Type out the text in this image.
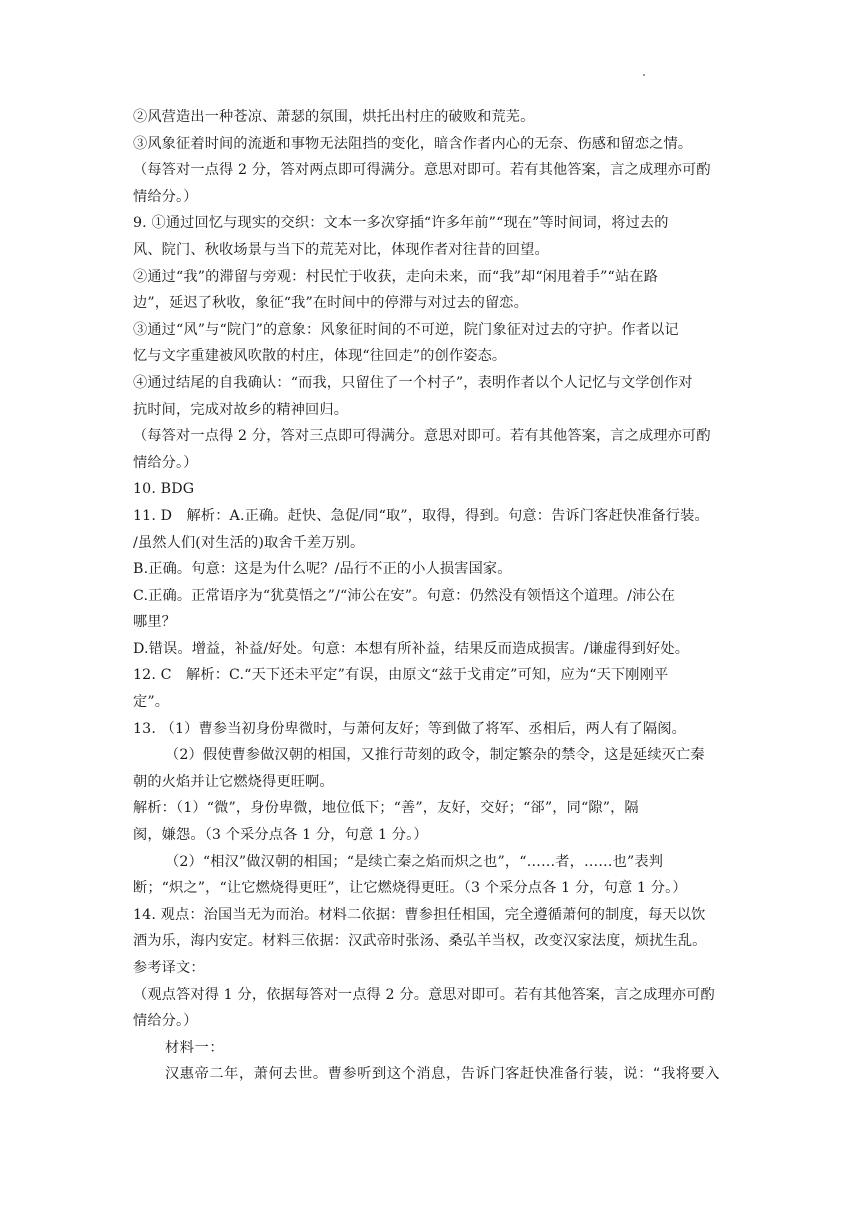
②风营造出一种苍凉、萧瑟的氛围，烘托出村庄的破败和荒芜。
③风象征着时间的流逝和事物无法阻挡的变化，暗含作者内心的无奈、伤感和留恋之情。
（每答对一点得 2 分，答对两点即可得满分。意思对即可。若有其他答案，言之成理亦可酌
情给分。）
9. ①通过回忆与现实的交织：文本一多次穿插“许多年前”“现在”等时间词，将过去的
风、院门、秋收场景与当下的荒芜对比，体现作者对往昔的回望。
②通过“我”的滞留与旁观：村民忙于收获，走向未来，而“我”却“闲甩着手”“站在路
边”，延迟了秋收，象征“我”在时间中的停滞与对过去的留恋。
③通过“风”与“院门”的意象：风象征时间的不可逆，院门象征对过去的守护。作者以记
忆与文字重建被风吹散的村庄，体现“往回走”的创作姿态。
④通过结尾的自我确认：“而我，只留住了一个村子”，表明作者以个人记忆与文学创作对
抗时间，完成对故乡的精神回归。
（每答对一点得 2 分，答对三点即可得满分。意思对即可。若有其他答案，言之成理亦可酌
情给分。）
10. BDG
11. D　解析：A.正确。赶快、急促/同“取”，取得，得到。句意：告诉门客赶快准备行装。
/虽然人们(对生活的)取舍千差万别。
B.正确。句意：这是为什么呢？/品行不正的小人损害国家。
C.正确。正常语序为“犹莫悟之”/“沛公在安”。句意：仍然没有领悟这个道理。/沛公在
哪里？
D.错误。增益，补益/好处。句意：本想有所补益，结果反而造成损害。/谦虚得到好处。
12. C　解析：C.“天下还未平定”有误，由原文“兹于戈甫定”可知，应为“天下刚刚平
定”。
13. （1）曹参当初身份卑微时，与萧何友好；等到做了将军、丞相后，两人有了隔阂。
（2）假使曹参做汉朝的相国，又推行苛刻的政令，制定繁杂的禁令，这是延续灭亡秦
朝的火焰并让它燃烧得更旺啊。
解析：（1）“微”，身份卑微，地位低下；“善”，友好，交好；“郤”，同“隙”，隔
阂，嫌怨。（3 个采分点各 1 分，句意 1 分。）
（2）“相汉”做汉朝的相国；“是续亡秦之焰而炽之也”，“……者，……也”表判
断；“炽之”，“让它燃烧得更旺”，让它燃烧得更旺。（3 个采分点各 1 分，句意 1 分。）
14. 观点：治国当无为而治。材料二依据：曹参担任相国，完全遵循萧何的制度，每天以饮
酒为乐，海内安定。材料三依据：汉武帝时张汤、桑弘羊当权，改变汉家法度，烦扰生乱。
参考译文：
（观点答对得 1 分，依据每答对一点得 2 分。意思对即可。若有其他答案，言之成理亦可酌
情给分。）
材料一：
汉惠帝二年，萧何去世。曹参听到这个消息，告诉门客赶快准备行装，说：“我将要入
